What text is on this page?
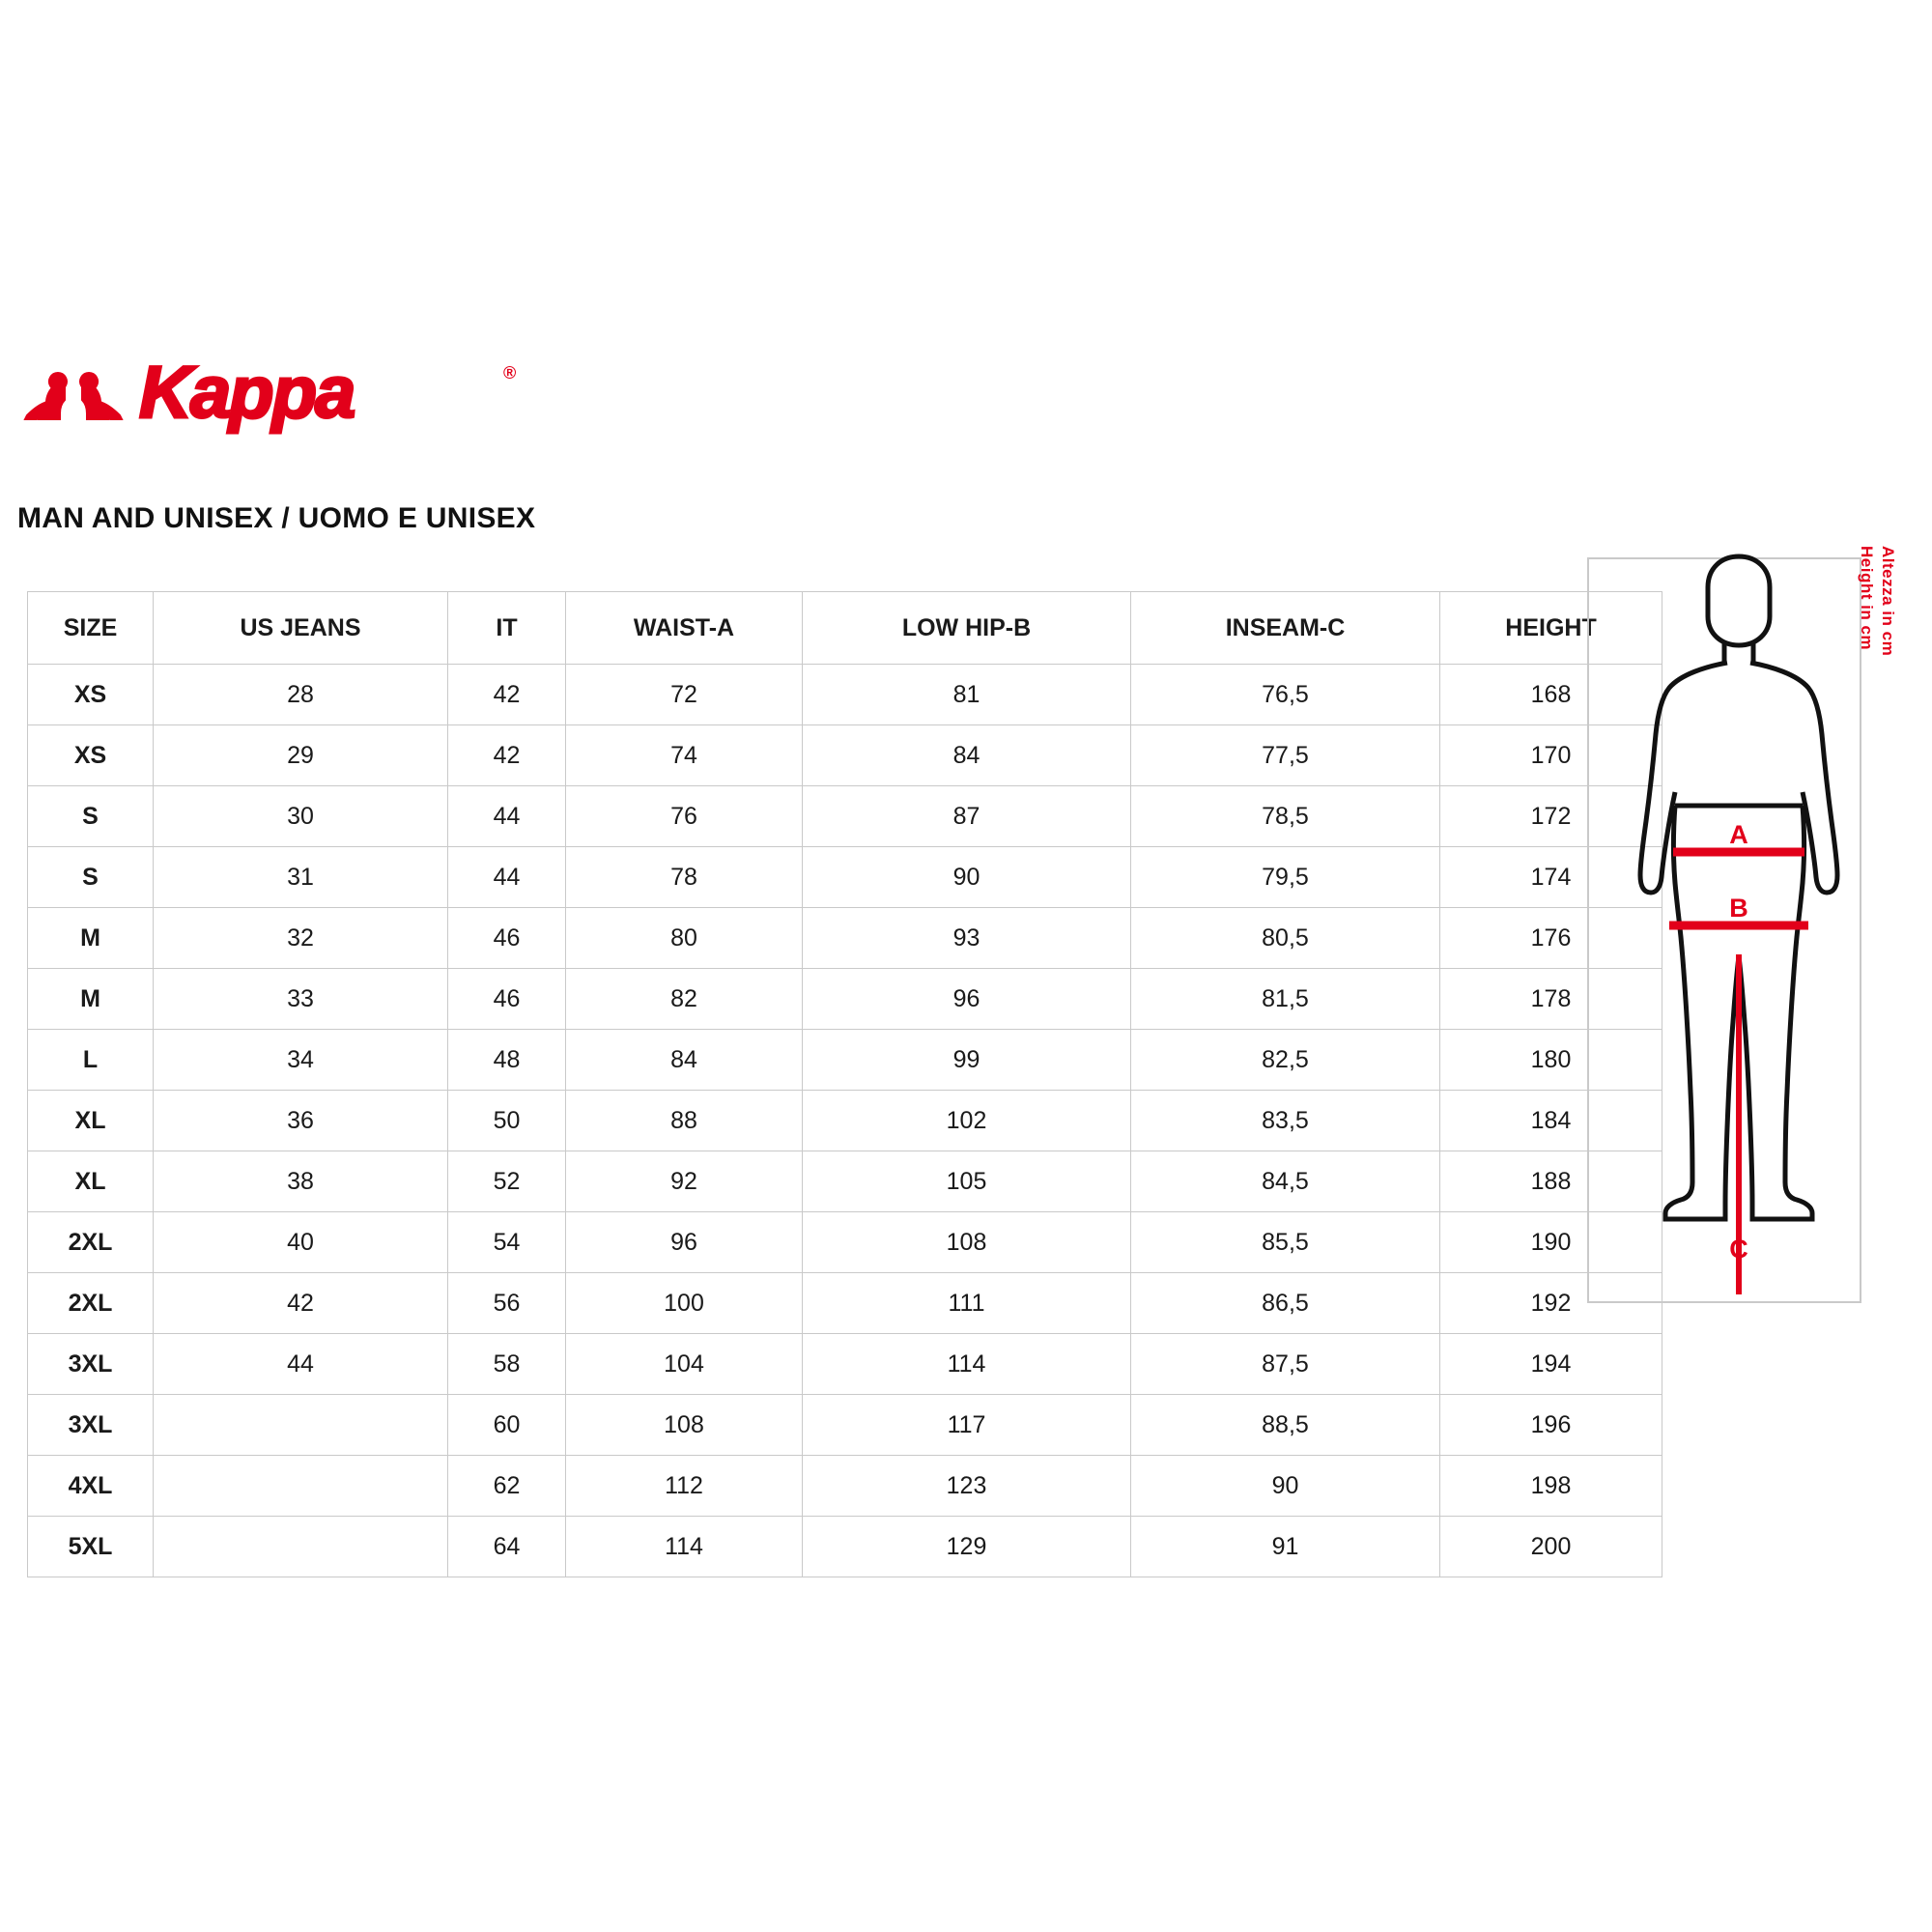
Kappa	®
MAN AND UNISEX / UOMO E UNISEX
SIZE	US JEANS	IT	WAIST-A	LOW HIP-B	INSEAM-C	HEIGHT
XS	28	42	72	81	76,5	168
XS	29	42	74	84	77,5	170
S	30	44	76	87	78,5	172
S	31	44	78	90	79,5	174
M	32	46	80	93	80,5	176
M	33	46	82	96	81,5	178
L	34	48	84	99	82,5	180
XL	36	50	88	102	83,5	184
XL	38	52	92	105	84,5	188
2XL	40	54	96	108	85,5	190
2XL	42	56	100	111	86,5	192
3XL	44	58	104	114	87,5	194
3XL		60	108	117	88,5	196
4XL		62	112	123	90	198
5XL		64	114	129	91	200
A
B
C
Height in cm Altezza in cm
